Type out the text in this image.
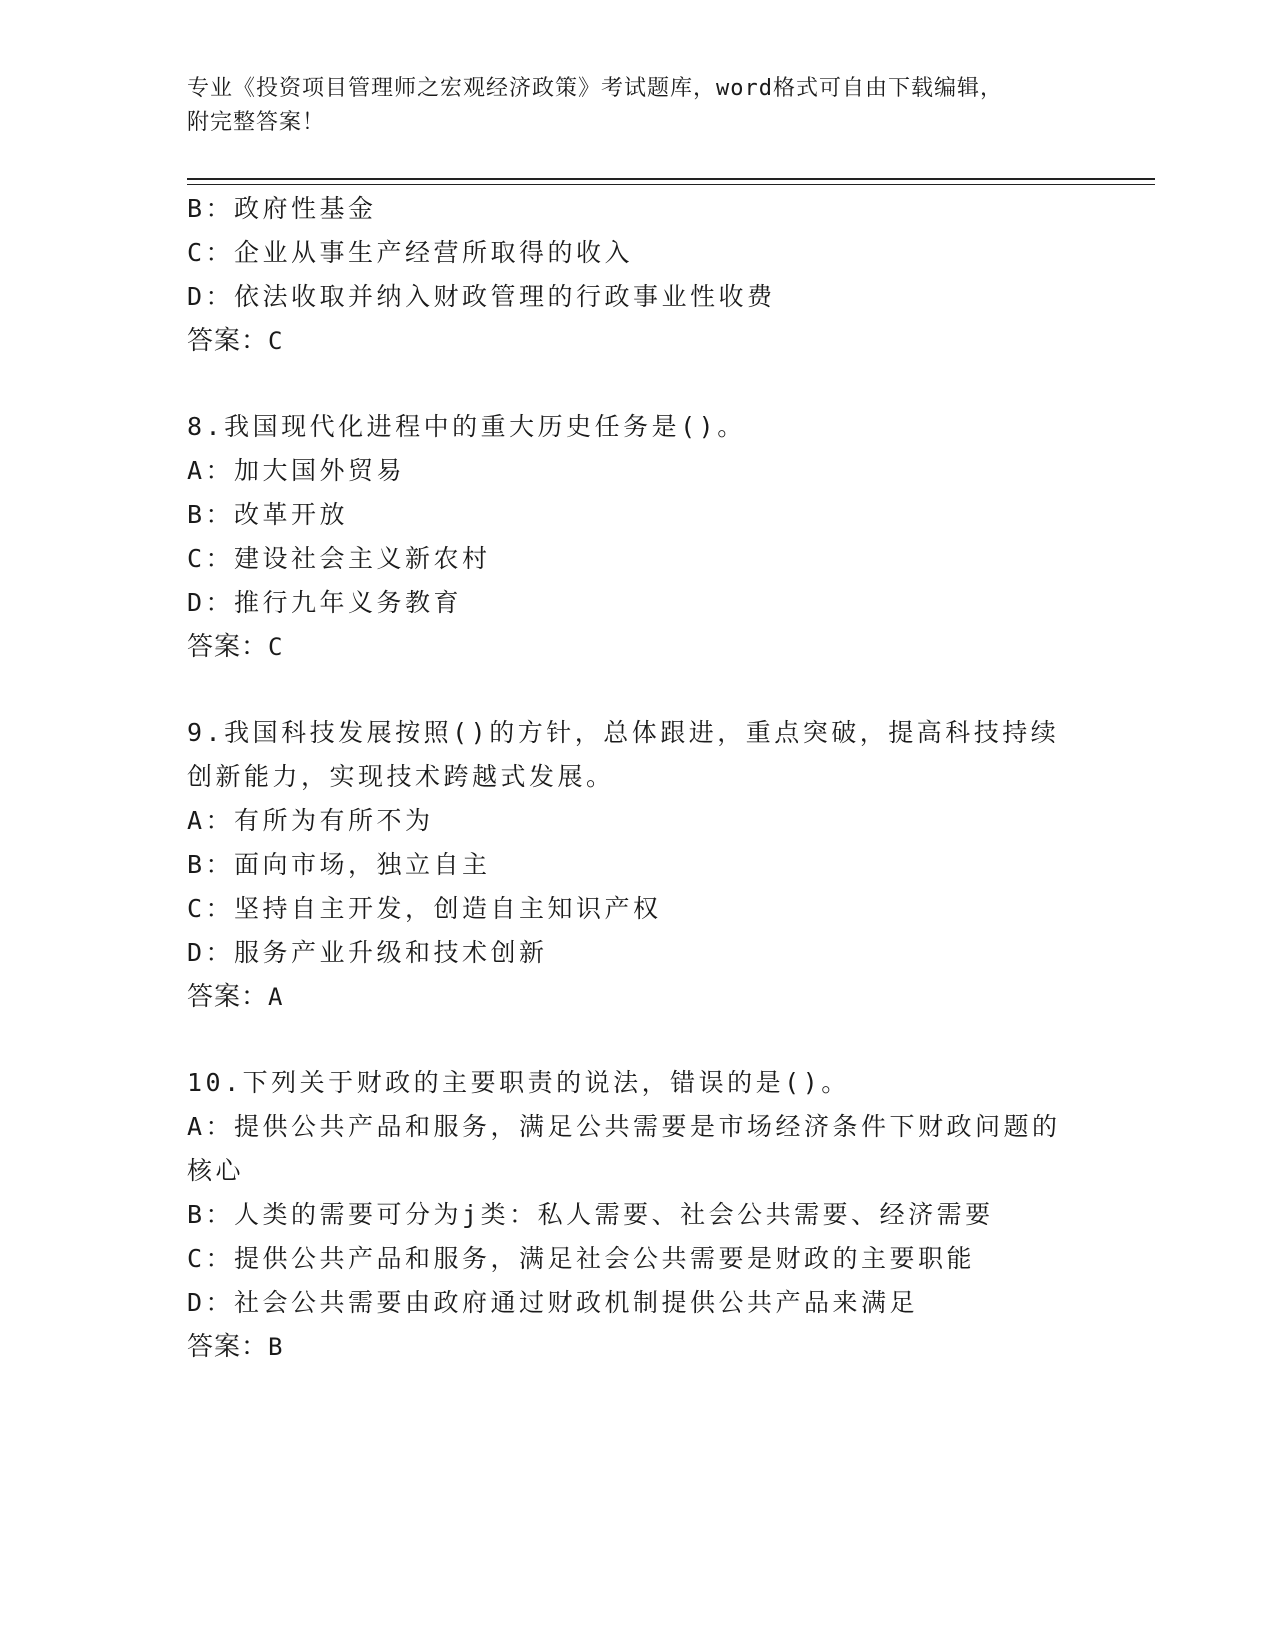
专业《投资项目管理师之宏观经济政策》考试题库，word格式可自由下载编辑，
附完整答案！
B：政府性基金
C：企业从事生产经营所取得的收入
D：依法收取并纳入财政管理的行政事业性收费
答案：C
8.我国现代化进程中的重大历史任务是()。
A：加大国外贸易
B：改革开放
C：建设社会主义新农村
D：推行九年义务教育
答案：C
9.我国科技发展按照()的方针，总体跟进，重点突破，提高科技持续
创新能力，实现技术跨越式发展。
A：有所为有所不为
B：面向市场，独立自主
C：坚持自主开发，创造自主知识产权
D：服务产业升级和技术创新
答案：A
10.下列关于财政的主要职责的说法，错误的是()。
A：提供公共产品和服务，满足公共需要是市场经济条件下财政问题的
核心
B：人类的需要可分为j类：私人需要、社会公共需要、经济需要
C：提供公共产品和服务，满足社会公共需要是财政的主要职能
D：社会公共需要由政府通过财政机制提供公共产品来满足
答案：B
